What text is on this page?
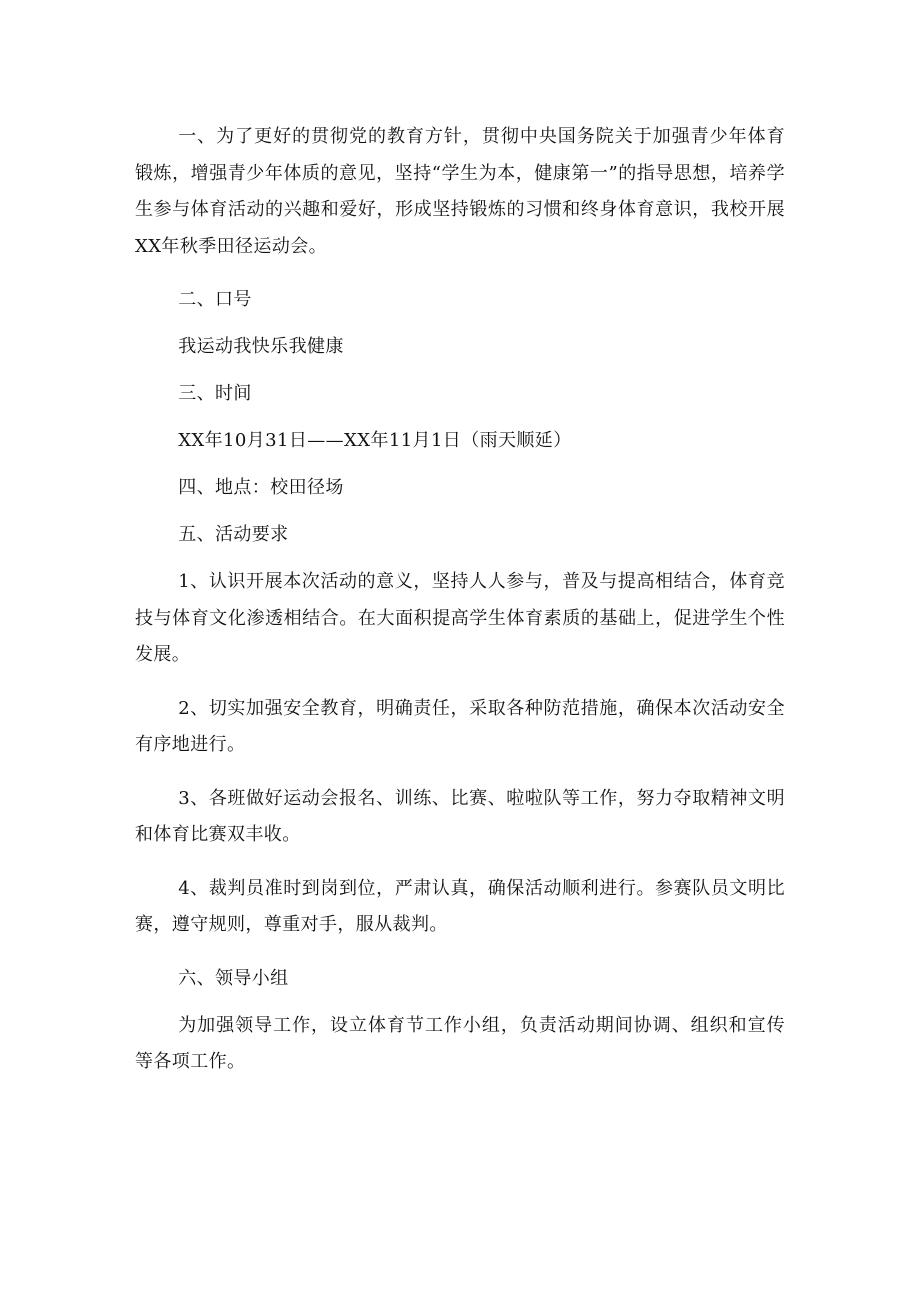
一、为了更好的贯彻党的教育方针，贯彻中央国务院关于加强青少年体育锻炼，增强青少年体质的意见，坚持“学生为本，健康第一”的指导思想，培养学生参与体育活动的兴趣和爱好，形成坚持锻炼的习惯和终身体育意识，我校开展XX年秋季田径运动会。

二、口号

我运动我快乐我健康

三、时间

XX年10月31日——XX年11月1日（雨天顺延）

四、地点：校田径场

五、活动要求

1、认识开展本次活动的意义，坚持人人参与，普及与提高相结合，体育竞技与体育文化渗透相结合。在大面积提高学生体育素质的基础上，促进学生个性发展。

2、切实加强安全教育，明确责任，采取各种防范措施，确保本次活动安全有序地进行。

3、各班做好运动会报名、训练、比赛、啦啦队等工作，努力夺取精神文明和体育比赛双丰收。

4、裁判员准时到岗到位，严肃认真，确保活动顺利进行。参赛队员文明比赛，遵守规则，尊重对手，服从裁判。

六、领导小组

为加强领导工作，设立体育节工作小组，负责活动期间协调、组织和宣传等各项工作。
